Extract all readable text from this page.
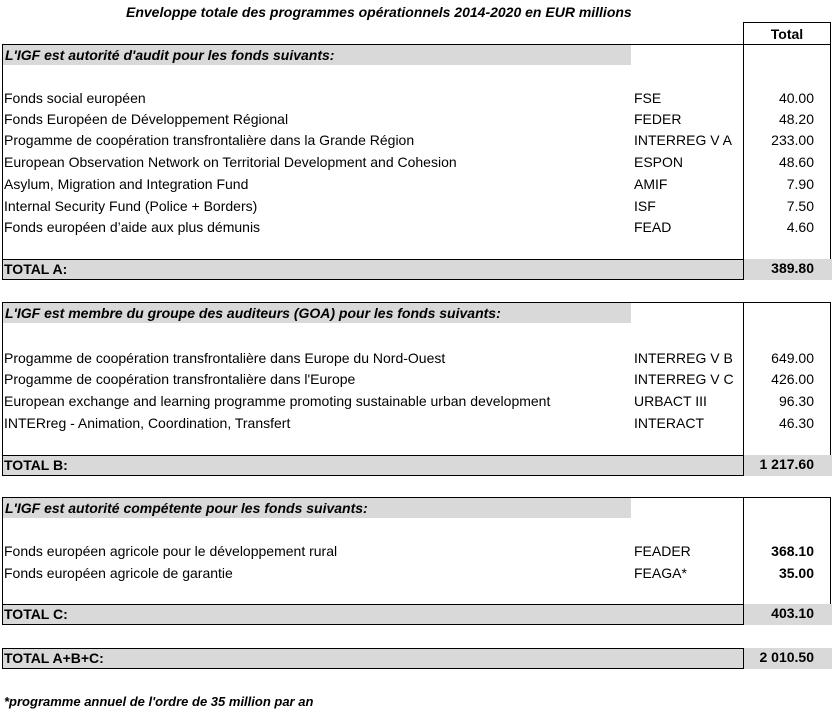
Enveloppe totale des programmes opérationnels 2014-2020 en EUR millions
Total
L'IGF est autorité d'audit pour les fonds suivants:
Fonds social européen	FSE	40.00
Fonds Européen de Développement Régional	FEDER	48.20
Progamme de coopération transfrontalière dans la Grande Région	INTERREG V A	233.00
European Observation Network on Territorial Development and Cohesion	ESPON	48.60
Asylum, Migration and Integration Fund	AMIF	7.90
Internal Security Fund (Police + Borders)	ISF	7.50
Fonds européen d’aide aux plus démunis	FEAD	4.60
TOTAL A:	389.80
L'IGF est membre du groupe des auditeurs (GOA) pour les fonds suivants:
Progamme de coopération transfrontalière dans Europe du Nord-Ouest	INTERREG V B	649.00
Progamme de coopération transfrontalière dans l'Europe	INTERREG V C	426.00
European exchange and learning programme promoting sustainable urban development	URBACT III	96.30
INTERreg - Animation, Coordination, Transfert	INTERACT	46.30
TOTAL B:	1 217.60
L'IGF est autorité compétente pour les fonds suivants:
Fonds européen agricole pour le développement rural	FEADER	368.10
Fonds européen agricole de garantie	FEAGA*	35.00
TOTAL C:	403.10
TOTAL A+B+C:	2 010.50
*programme annuel de l'ordre de 35 million par an
